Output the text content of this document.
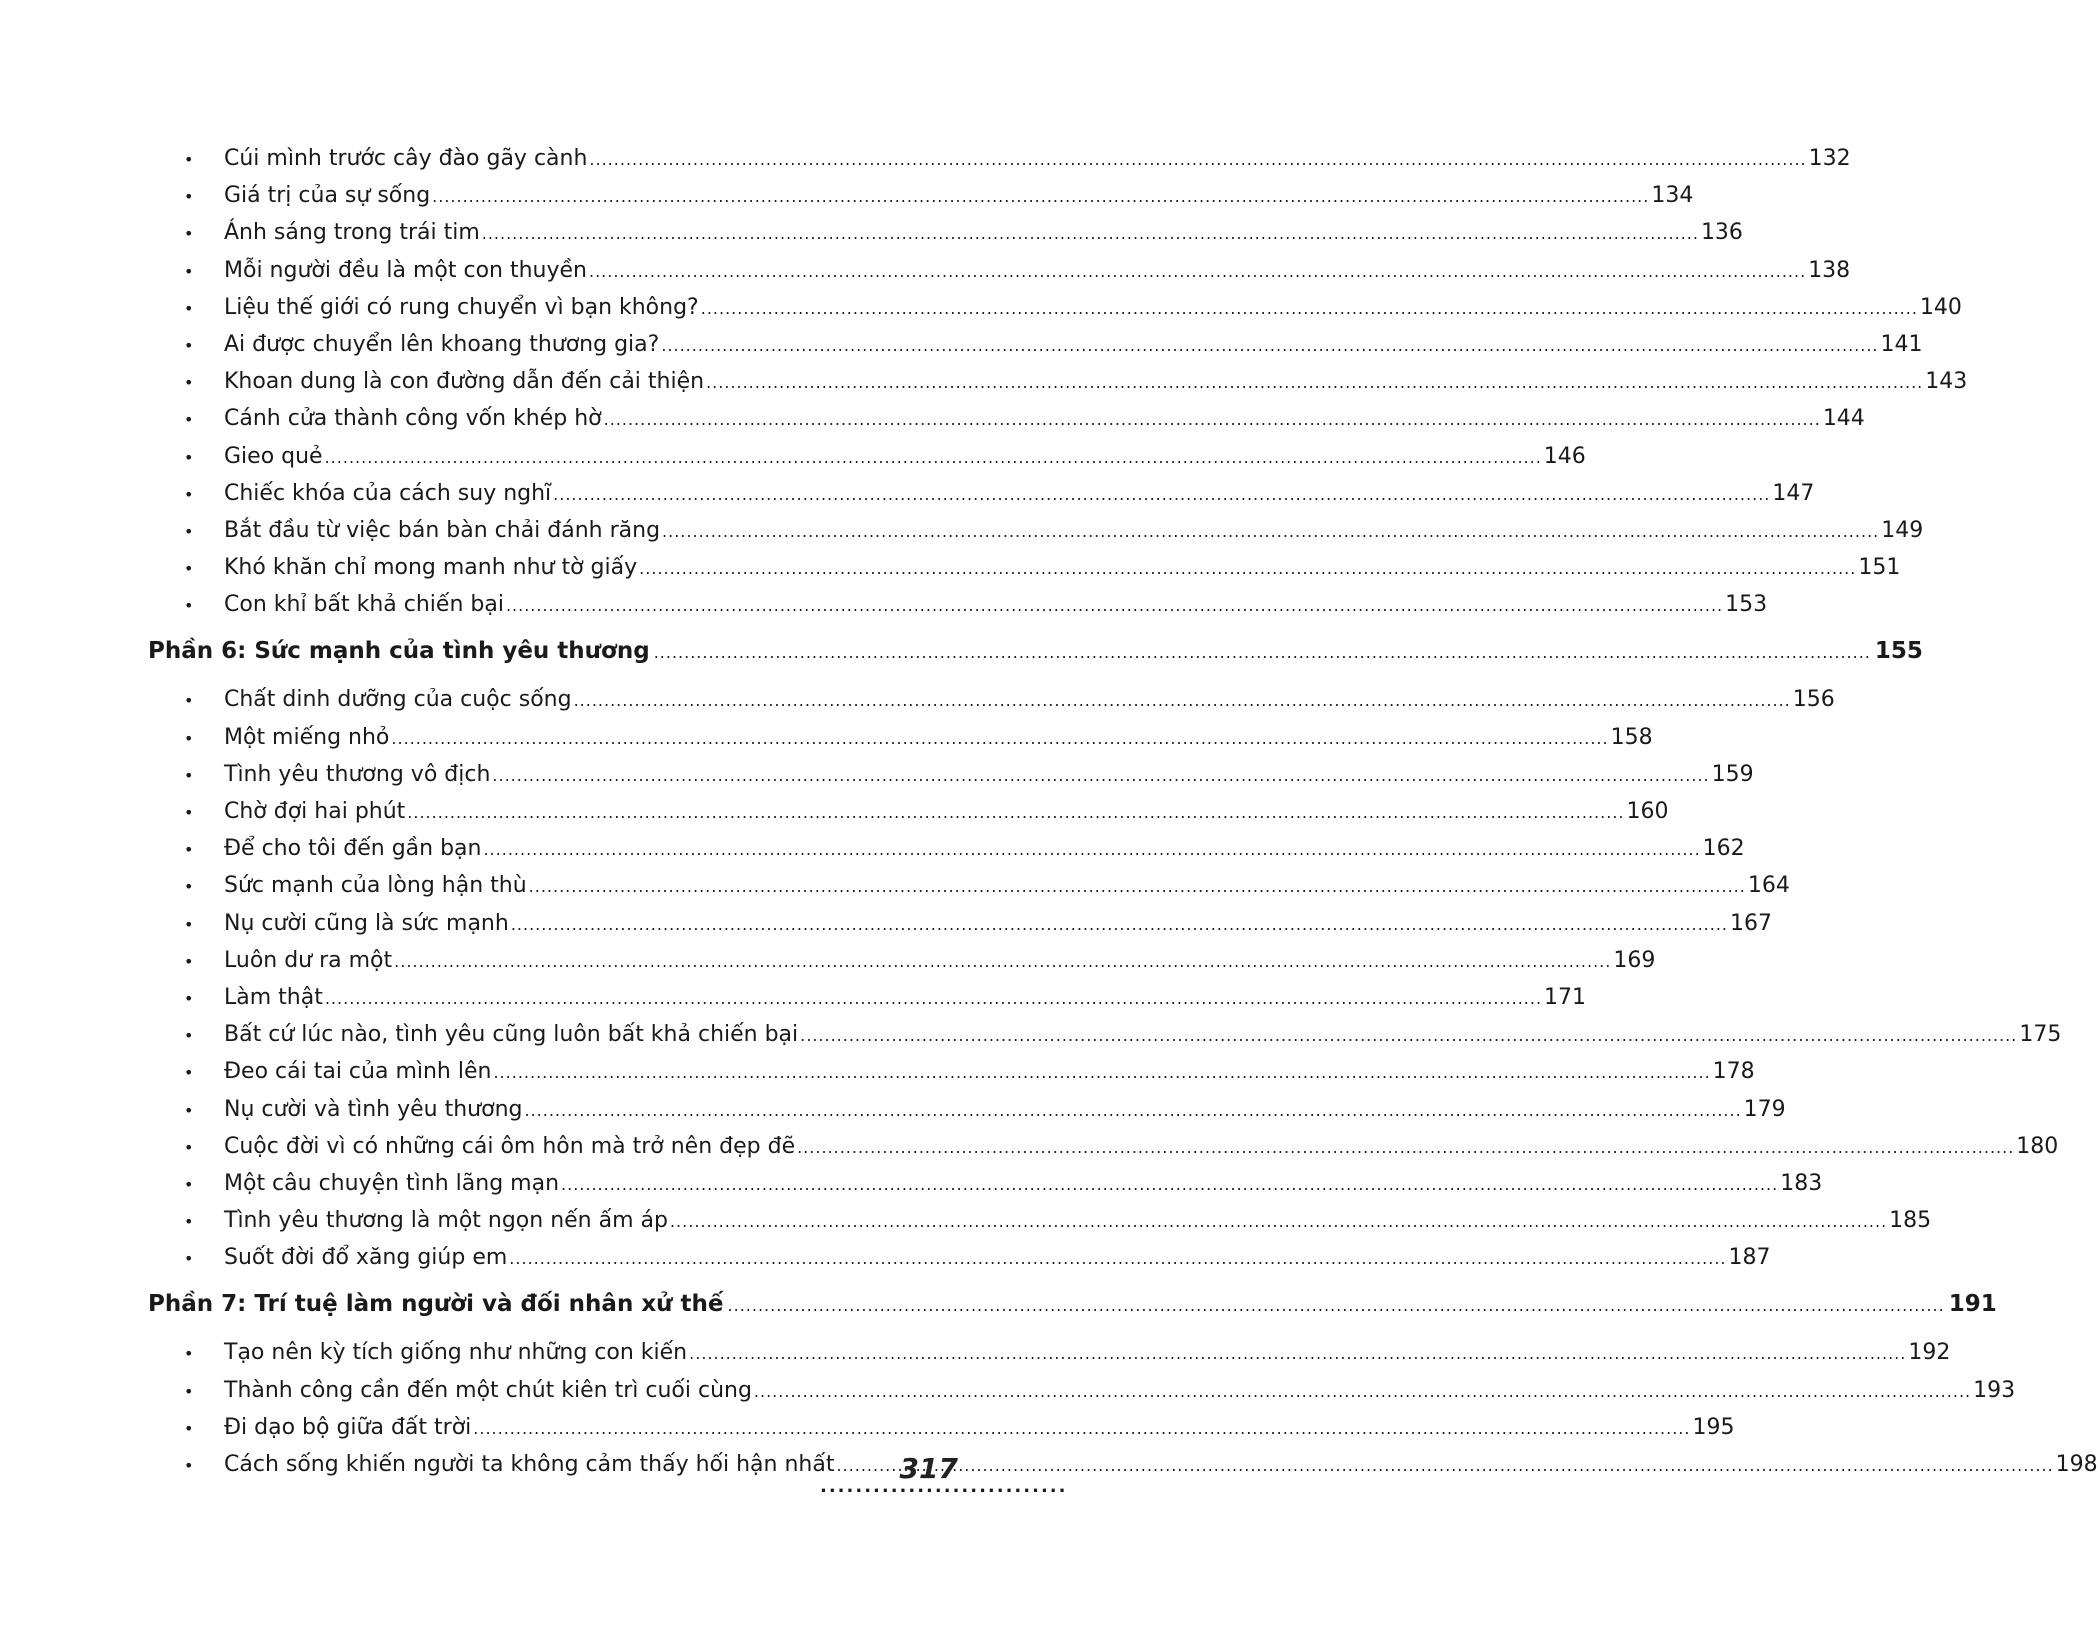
•	Cúi mình trước cây đào gãy cành .....	132
•	Giá trị của sự sống .....	134
•	Ánh sáng trong trái tim .....	136
•	Mỗi người đều là một con thuyền .....	138
•	Liệu thế giới có rung chuyển vì bạn không? .....	140
•	Ai được chuyển lên khoang thương gia? .....	141
•	Khoan dung là con đường dẫn đến cải thiện .....	143
•	Cánh cửa thành công vốn khép hờ .....	144
•	Gieo quẻ .....	146
•	Chiếc khóa của cách suy nghĩ .....	147
•	Bắt đầu từ việc bán bàn chải đánh răng .....	149
•	Khó khăn chỉ mong manh như tờ giấy .....	151
•	Con khỉ bất khả chiến bại .....	153
Phần 6: Sức mạnh của tình yêu thương .....	155
•	Chất dinh dưỡng của cuộc sống .....	156
•	Một miếng nhỏ .....	158
•	Tình yêu thương vô địch .....	159
•	Chờ đợi hai phút .....	160
•	Để cho tôi đến gần bạn .....	162
•	Sức mạnh của lòng hận thù .....	164
•	Nụ cười cũng là sức mạnh .....	167
•	Luôn dư ra một .....	169
•	Làm thật .....	171
•	Bất cứ lúc nào, tình yêu cũng luôn bất khả chiến bại .....	175
•	Đeo cái tai của mình lên .....	178
•	Nụ cười và tình yêu thương .....	179
•	Cuộc đời vì có những cái ôm hôn mà trở nên đẹp đẽ .....	180
•	Một câu chuyện tình lãng mạn .....	183
•	Tình yêu thương là một ngọn nến ấm áp .....	185
•	Suốt đời đổ xăng giúp em .....	187
Phần 7: Trí tuệ làm người và đối nhân xử thế .....	191
•	Tạo nên kỳ tích giống như những con kiến .....	192
•	Thành công cần đến một chút kiên trì cuối cùng .....	193
•	Đi dạo bộ giữa đất trời .....	195
•	Cách sống khiến người ta không cảm thấy hối hận nhất .....	198
317
............................
